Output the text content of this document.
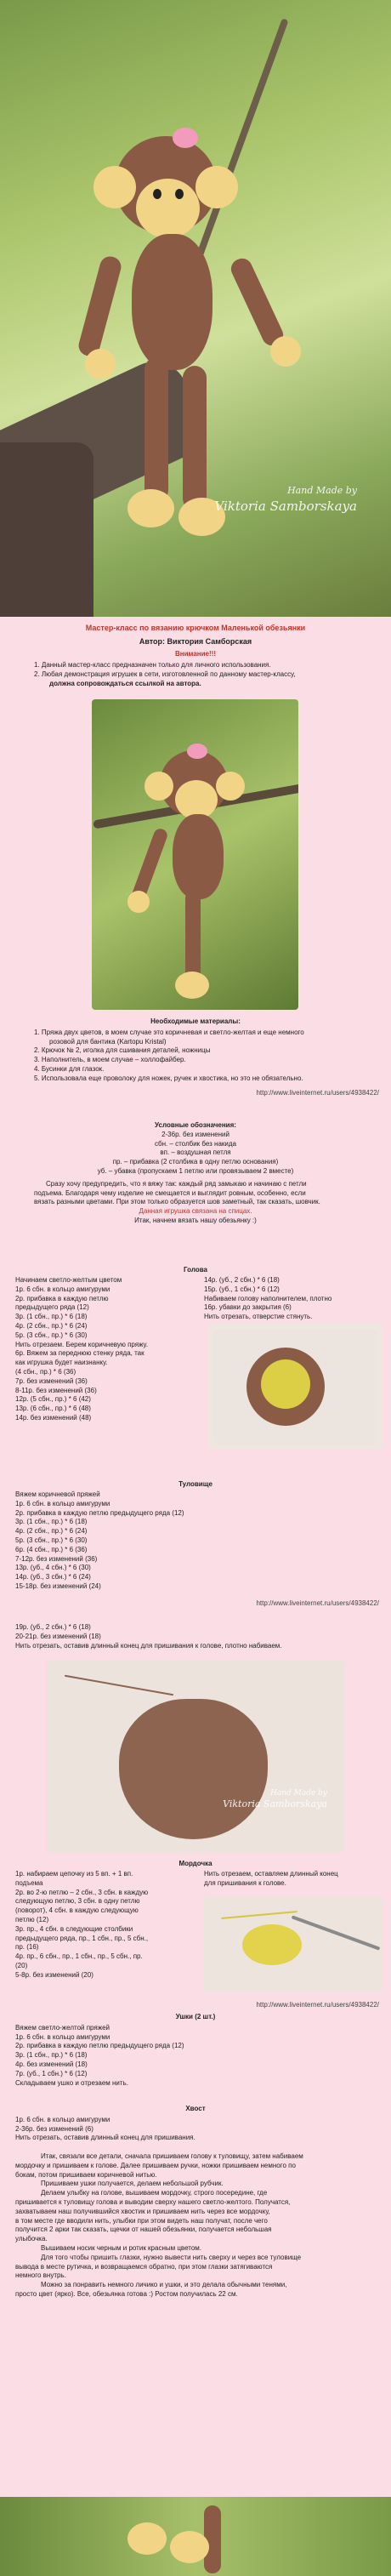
Hand Made by
Viktoria Samborskaya
Мастер-класс по вязанию крючком Маленькой обезьянки
Автор: Виктория Самборская
Внимание!!!
1. Данный мастер-класс предназначен только для личного использования.
2. Любая демонстрация игрушек в сети, изготовленной по данному мастер-классу,
должна сопровождаться ссылкой на автора.
Необходимые материалы:
1. Пряжа двух цветов, в моем случае это коричневая и светло-желтая и еще немного
розовой для бантика (Kartopu Kristal)
2. Крючок № 2, иголка для сшивания деталей, ножницы
3. Наполнитель, в моем случае – холлофайбер.
4. Бусинки для глазок.
5. Использовала еще проволоку для ножек, ручек и хвостика, но это не обязательно.
http://www.liveinternet.ru/users/4938422/
Условные обозначения:
2-36р. без изменений
сбн. – столбик без накида
вп. – воздушная петля
пр. – прибавка (2 столбика в одну петлю основания)
уб. – убавка (пропускаем 1 петлю или провязываем 2 вместе)
Сразу хочу предупредить, что я вяжу так: каждый ряд замыкаю и начинаю с петли
подъема. Благодаря чему изделие не смещается и выглядит ровным, особенно, если
вязать разными цветами. При этом только образуется шов заметный, так сказать, шовчик.
Данная игрушка связана на спицах.
Итак, начнем вязать нашу обезьянку :)
Голова
Начинаем светло-желтым цветом
1р. 6 сбн. в кольцо амигуруми
2р. прибавка в каждую петлю
предыдущего ряда (12)
3р. (1 сбн., пр.) * 6 (18)
4р. (2 сбн., пр.) * 6 (24)
5р. (3 сбн., пр.) * 6 (30)
Нить отрезаем. Берем коричневую пряжу.
6р. Вяжем за переднюю стенку ряда, так
как игрушка будет наизнанку.
(4 сбн., пр.) * 6 (36)
7р. без изменений (36)
8-11р. без изменений (36)
12р. (5 сбн., пр.) * 6 (42)
13р. (6 сбн., пр.) * 6 (48)
14р. без изменений (48)
14р. (уб., 2 сбн.) * 6 (18)
15р. (уб., 1 сбн.) * 6 (12)
Набиваем голову наполнителем, плотно
16р. убавки до закрытия (6)
Нить отрезать, отверстие стянуть.
Туловище
Вяжем коричневой пряжей
1р. 6 сбн. в кольцо амигуруми
2р. прибавка в каждую петлю предыдущего ряда (12)
3р. (1 сбн., пр.) * 6 (18)
4р. (2 сбн., пр.) * 6 (24)
5р. (3 сбн., пр.) * 6 (30)
6р. (4 сбн., пр.) * 6 (36)
7-12р. без изменений (36)
13р. (уб., 4 сбн.) * 6 (30)
14р. (уб., 3 сбн.) * 6 (24)
15-18р. без изменений (24)
http://www.liveinternet.ru/users/4938422/
19р. (уб., 2 сбн.) * 6 (18)
20-21р. без изменений (18)
Нить отрезать, оставив длинный конец для пришивания к голове, плотно набиваем.
Hand Made by
Viktoria Samborskaya
Мордочка
1р. набираем цепочку из 5 вп. + 1 вп.
подъема
2р. во 2-ю петлю – 2 сбн., 3 сбн. в каждую
следующую петлю, 3 сбн. в одну петлю
(поворот), 4 сбн. в каждую следующую
петлю (12)
3р. пр., 4 сбн. в следующие столбики
предыдущего ряда, пр., 1 сбн., пр., 5 сбн.,
пр. (16)
4р. пр., 6 сбн., пр., 1 сбн., пр., 5 сбн., пр.
(20)
5-8р. без изменений (20)
Нить отрезаем, оставляем длинный конец
для пришивания к голове.
http://www.liveinternet.ru/users/4938422/
Ушки (2 шт.)
Вяжем светло-желтой пряжей
1р. 6 сбн. в кольцо амигуруми
2р. прибавка в каждую петлю предыдущего ряда (12)
3р. (1 сбн., пр.) * 6 (18)
4р. без изменений (18)
7р. (уб., 1 сбн.) * 6 (12)
Складываем ушко и отрезаем нить.
Хвост
1р. 6 сбн. в кольцо амигуруми
2-36р. без изменений (6)
Нить отрезать, оставив длинный конец для пришивания.
Итак, связали все детали, сначала пришиваем голову к туловищу, затем набиваем
мордочку и пришиваем к голове. Далее пришиваем ручки, ножки пришиваем немного по
бокам, потом пришиваем коричневой нитью.
Пришиваем ушки получается, делаем небольшой рубчик.
Делаем улыбку на голове, вышиваем мордочку, строго посередине, где
пришивается к туловищу голова и выводим сверху нашего светло-желтого. Получатся,
захватываем наш получившийся хвостик и пришиваем нить через все мордочку,
в том месте где вводили нить, улыбки при этом видеть наш получат, после чего
получится 2 арки так сказать, щечки от нашей обезьянки, получается небольшая
улыбочка.
Вышиваем носик черным и ротик красным цветом.
Для того чтобы пришить глазки, нужно вывести нить сверху и через все туловище
вывода в месте рутичка, и возвращаемся обратно, при этом глазки затягиваются
немного внутрь.
Можно за понравить немного личико и ушки, и это делала обычными тенями,
просто цвет (ярко). Все, обезьянка готова :) Ростом получилась 22 см.
